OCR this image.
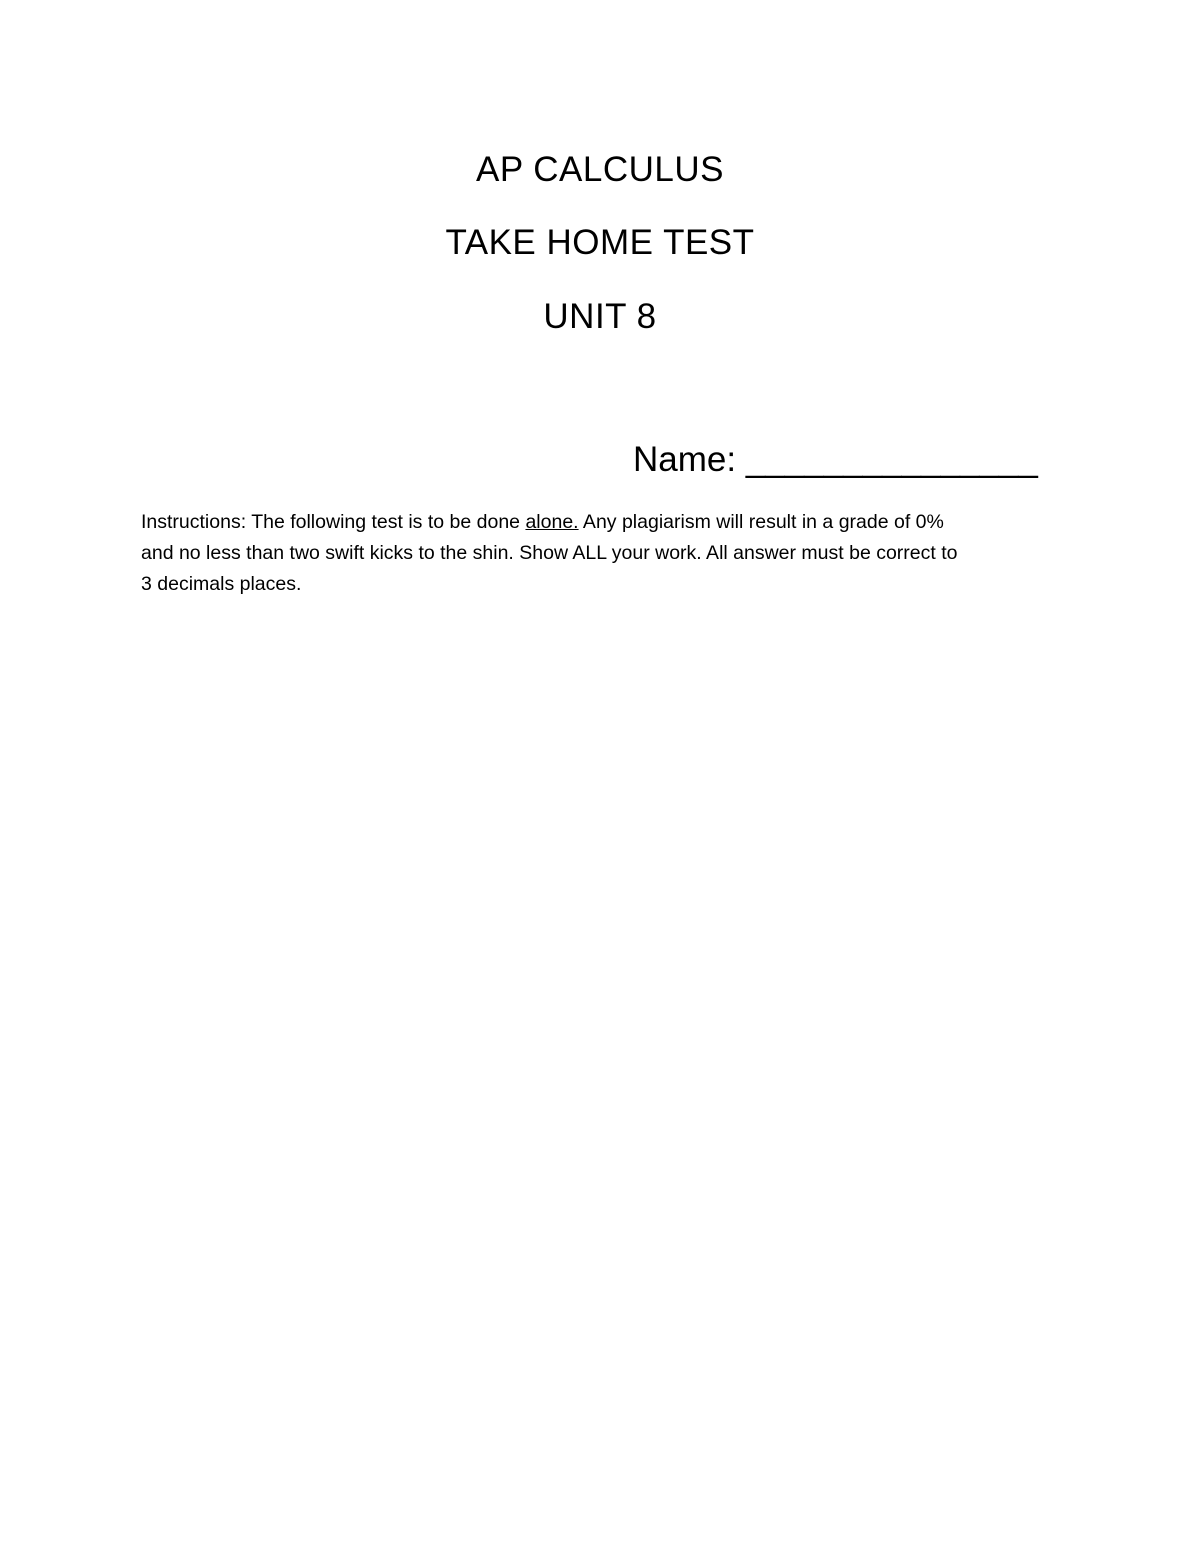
AP CALCULUS
TAKE HOME TEST
UNIT 8
Name: _______________
Instructions: The following test is to be done alone. Any plagiarism will result in a grade of 0%
and no less than two swift kicks to the shin. Show ALL your work. All answer must be correct to
3 decimals places.
